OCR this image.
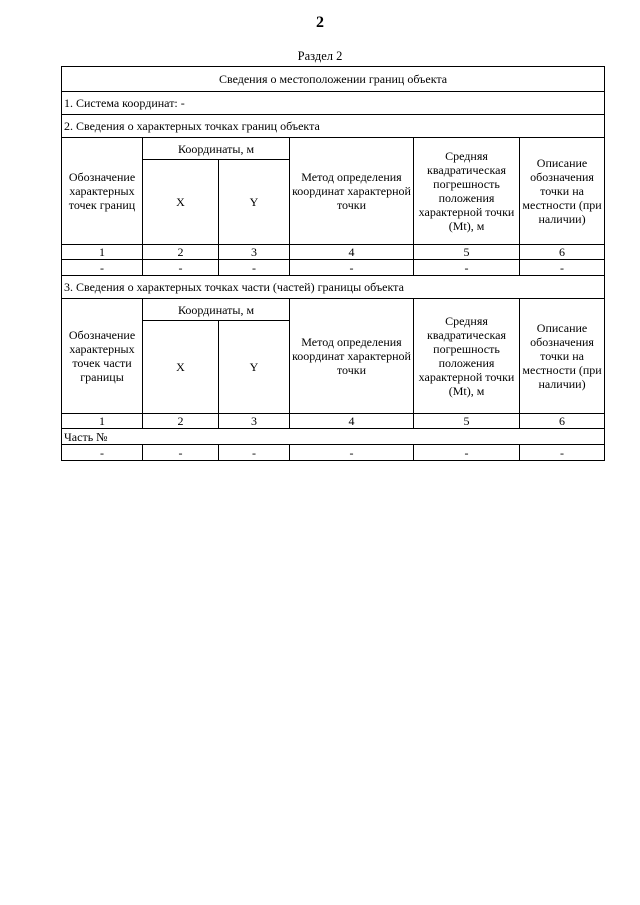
2
Раздел 2
Сведения о местоположении границ объекта					
1. Система координат: -					
2. Сведения о характерных точках границ объекта					
Обозначение характерных точек границ	Координаты, м		Метод определения координат характерной точки	Средняя квадратическая погрешность положения характерной точки (Mt), м	Описание обозначения точки на местности (при наличии)
	X	Y			
1	2	3	4	5	6
-	-	-	-	-	-
3. Сведения о характерных точках части (частей) границы объекта					
Обозначение характерных точек части границы	Координаты, м		Метод определения координат характерной точки	Средняя квадратическая погрешность положения характерной точки (Mt), м	Описание обозначения точки на местности (при наличии)
	X	Y			
1	2	3	4	5	6
Часть №					
-	-	-	-	-	-
